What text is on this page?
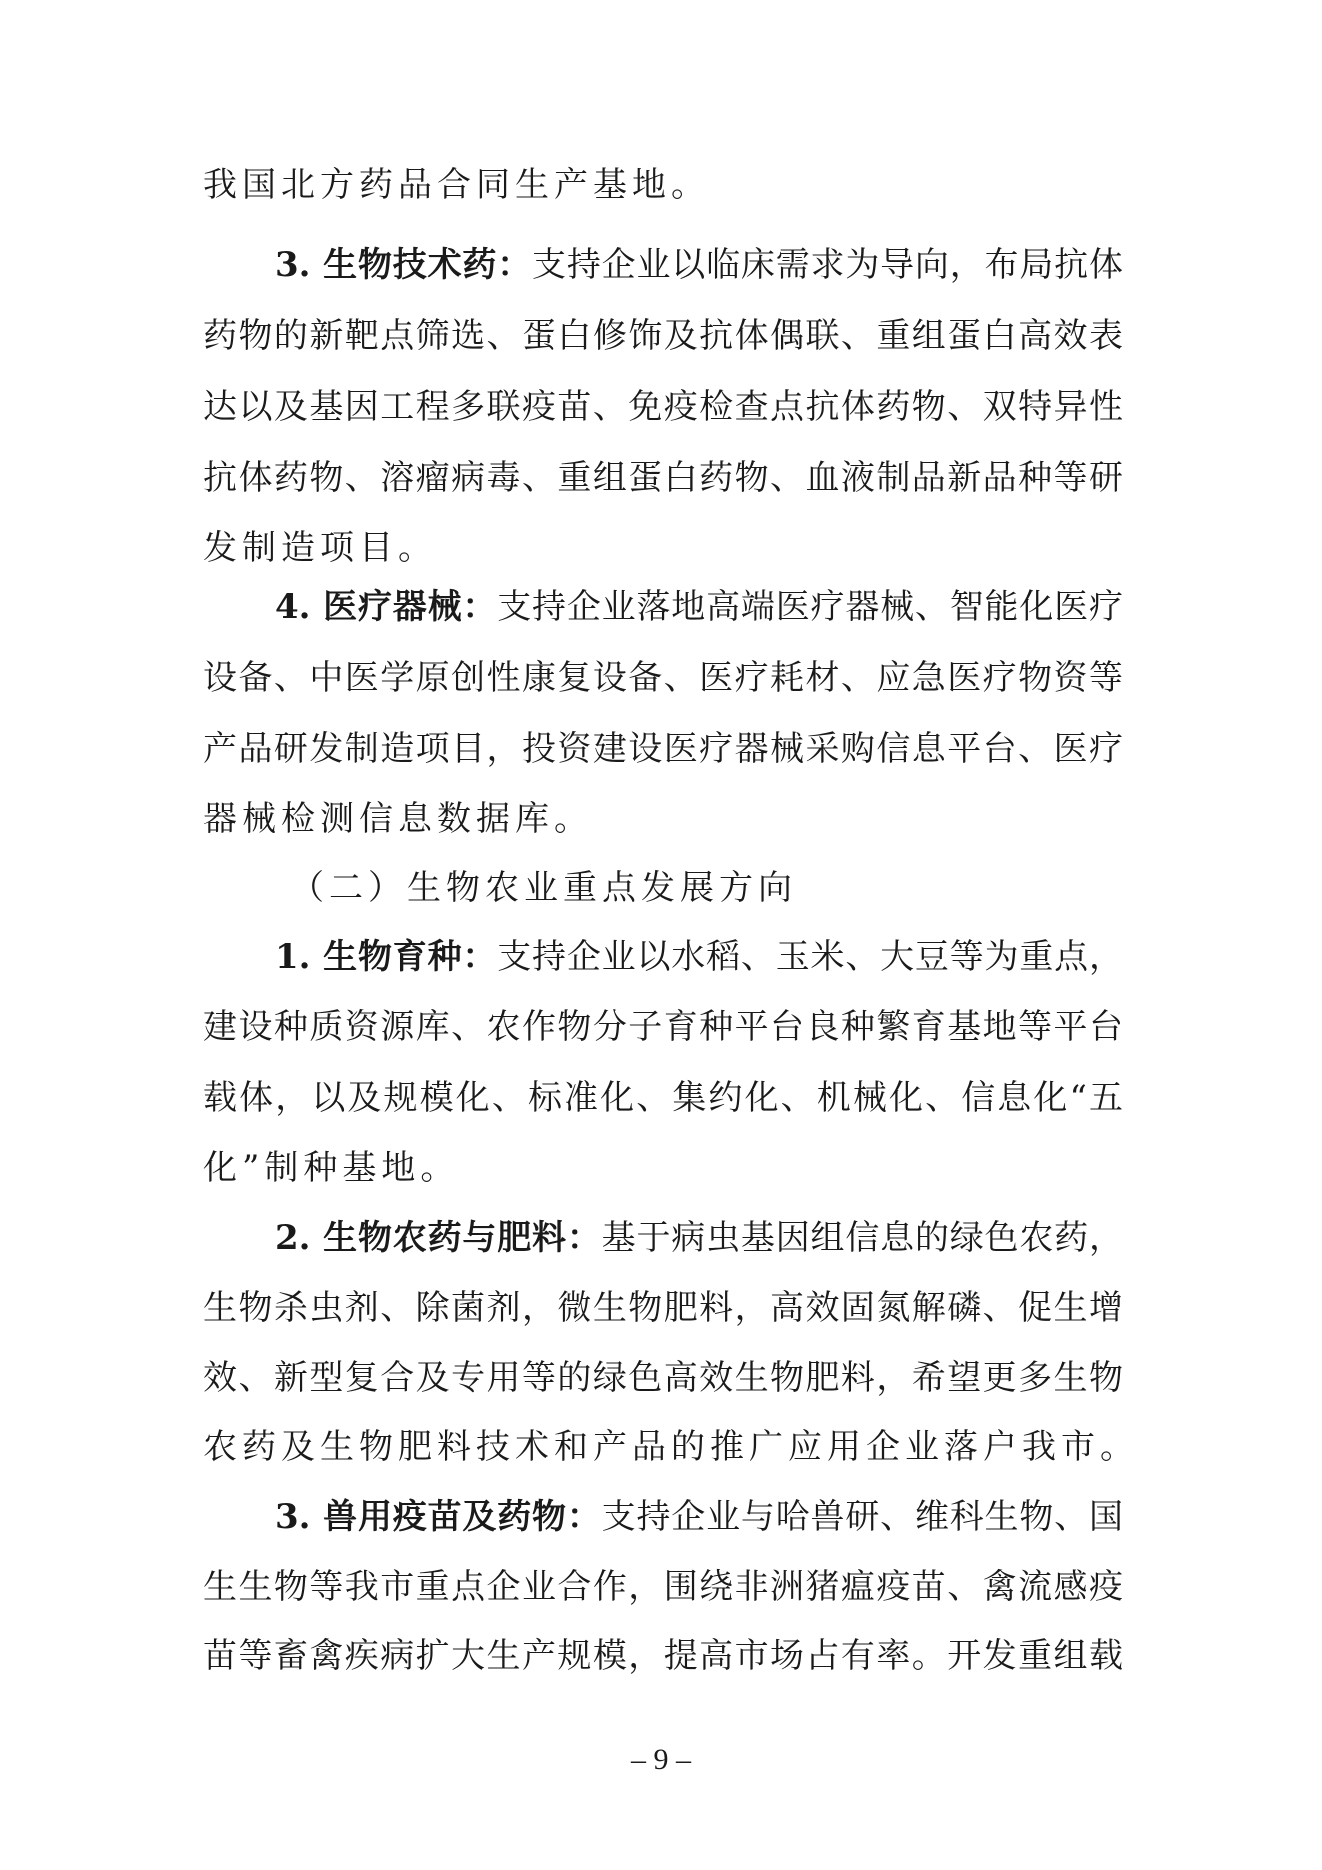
我国北方药品合同生产基地。
3. 生物技术药：支持企业以临床需求为导向，布局抗体
药物的新靶点筛选、蛋白修饰及抗体偶联、重组蛋白高效表
达以及基因工程多联疫苗、免疫检查点抗体药物、双特异性
抗体药物、溶瘤病毒、重组蛋白药物、血液制品新品种等研
发制造项目。
4. 医疗器械：支持企业落地高端医疗器械、智能化医疗
设备、中医学原创性康复设备、医疗耗材、应急医疗物资等
产品研发制造项目，投资建设医疗器械采购信息平台、医疗
器械检测信息数据库。
（二）生物农业重点发展方向
1. 生物育种：支持企业以水稻、玉米、大豆等为重点，
建设种质资源库、农作物分子育种平台良种繁育基地等平台
载体，以及规模化、标准化、集约化、机械化、信息化“五
化”制种基地。
2. 生物农药与肥料：基于病虫基因组信息的绿色农药，
生物杀虫剂、除菌剂，微生物肥料，高效固氮解磷、促生增
效、新型复合及专用等的绿色高效生物肥料，希望更多生物
农药及生物肥料技术和产品的推广应用企业落户我市。
3. 兽用疫苗及药物：支持企业与哈兽研、维科生物、国
生生物等我市重点企业合作，围绕非洲猪瘟疫苗、禽流感疫
苗等畜禽疾病扩大生产规模，提高市场占有率。开发重组载
– 9 –
